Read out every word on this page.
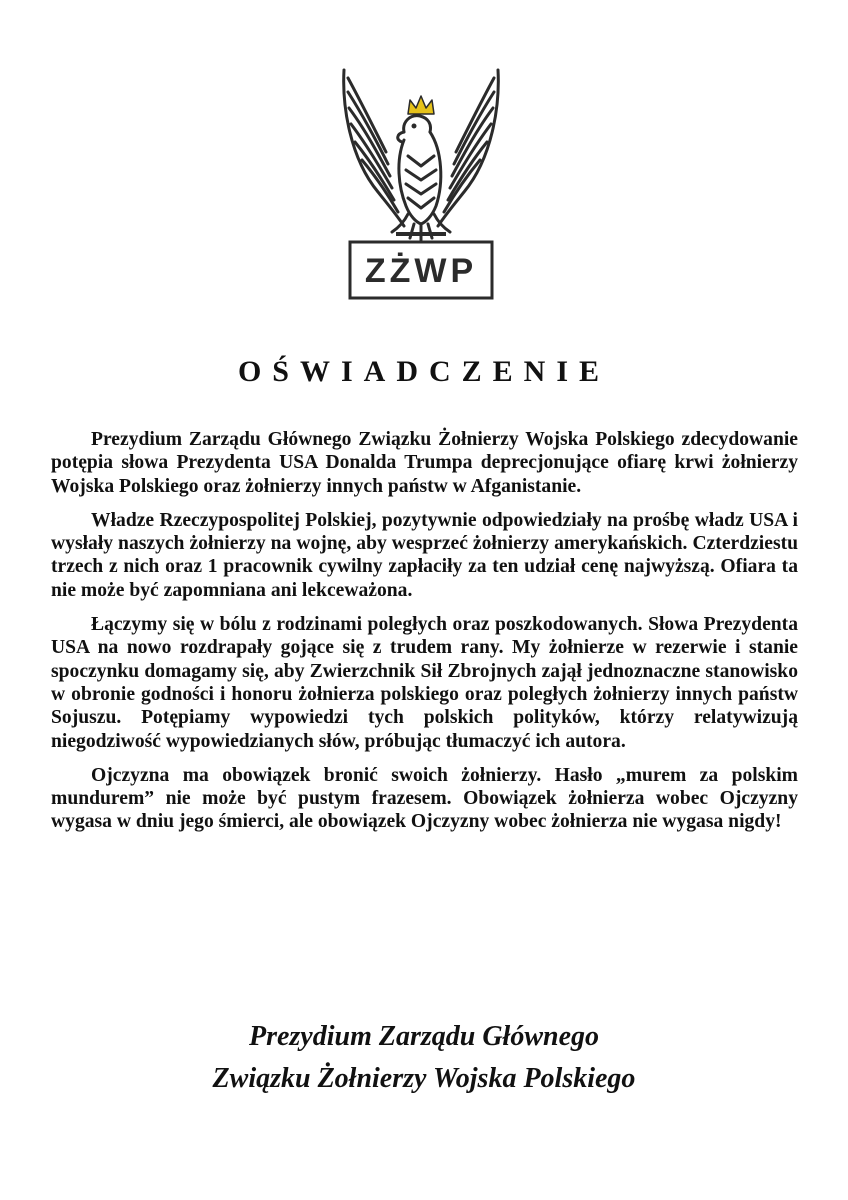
ZŻWP
OŚWIADCZENIE

Prezydium Zarządu Głównego Związku Żołnierzy Wojska Polskiego zdecydowanie potępia słowa Prezydenta USA Donalda Trumpa deprecjonujące ofiarę krwi żołnierzy Wojska Polskiego oraz żołnierzy innych państw w Afganistanie.

Władze Rzeczypospolitej Polskiej, pozytywnie odpowiedziały na prośbę władz USA i wysłały naszych żołnierzy na wojnę, aby wesprzeć żołnierzy amerykańskich. Czterdziestu trzech z nich oraz 1 pracownik cywilny zapłaciły za ten udział cenę najwyższą. Ofiara ta nie może być zapomniana ani lekceważona.

Łączymy się w bólu z rodzinami poległych oraz poszkodowanych. Słowa Prezydenta USA na nowo rozdrapały gojące się z trudem rany. My żołnierze w rezerwie i stanie spoczynku domagamy się, aby Zwierzchnik Sił Zbrojnych zajął jednoznaczne stanowisko w obronie godności i honoru żołnierza polskiego oraz poległych żołnierzy innych państw Sojuszu. Potępiamy wypowiedzi tych polskich polityków, którzy relatywizują niegodziwość wypowiedzianych słów, próbując tłumaczyć ich autora.

Ojczyzna ma obowiązek bronić swoich żołnierzy. Hasło „murem za polskim mundurem” nie może być pustym frazesem. Obowiązek żołnierza wobec Ojczyzny wygasa w dniu jego śmierci, ale obowiązek Ojczyzny wobec żołnierza nie wygasa nigdy!

Prezydium Zarządu Głównego
Związku Żołnierzy Wojska Polskiego
